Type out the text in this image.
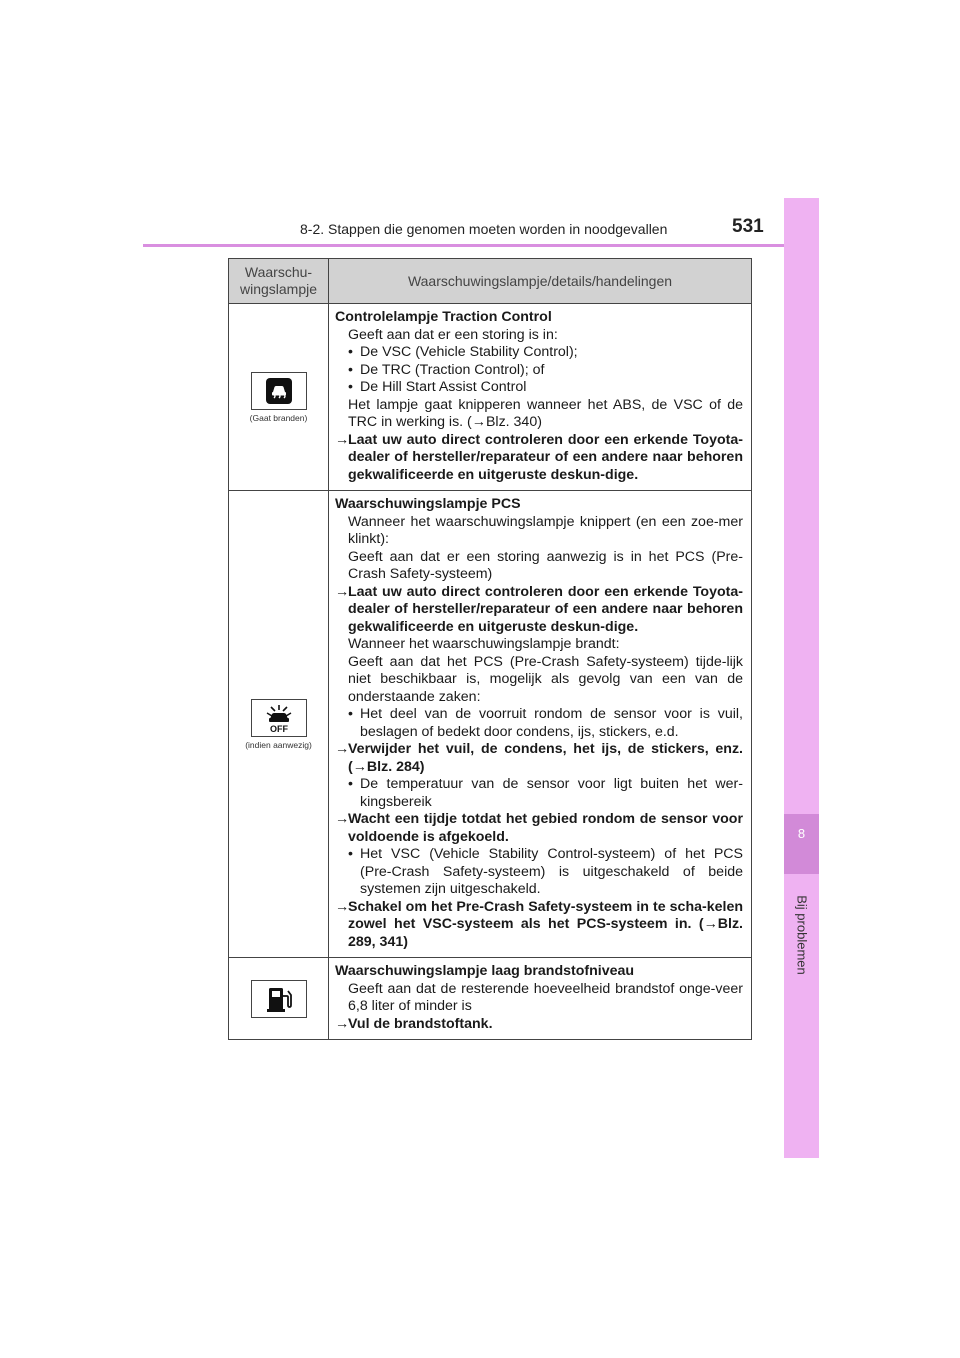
8-2. Stappen die genomen moeten worden in noodgevallen	531
8
Bij problemen
Waarschu-
wingslampje	Waarschuwingslampje/details/handelingen
(Gaat branden)
Controlelampje Traction Control
Geeft aan dat er een storing is in:
• De VSC (Vehicle Stability Control);
• De TRC (Traction Control); of
• De Hill Start Assist Control
Het lampje gaat knipperen wanneer het ABS, de VSC of de TRC in werking is. (→Blz. 340)
→
Laat uw auto direct controleren door een erkende Toyota-dealer of hersteller/reparateur of een andere naar behoren gekwalificeerde en uitgeruste deskun-dige.
OFF
(indien aanwezig)
Waarschuwingslampje PCS
Wanneer het waarschuwingslampje knippert (en een zoe-mer klinkt):
Geeft aan dat er een storing aanwezig is in het PCS (Pre-Crash Safety-systeem)
→
Laat uw auto direct controleren door een erkende Toyota-dealer of hersteller/reparateur of een andere naar behoren gekwalificeerde en uitgeruste deskun-dige.
Wanneer het waarschuwingslampje brandt:
Geeft aan dat het PCS (Pre-Crash Safety-systeem) tijde-lijk niet beschikbaar is, mogelijk als gevolg van een van de onderstaande zaken:
• Het deel van de voorruit rondom de sensor voor is vuil, beslagen of bedekt door condens, ijs, stickers, e.d.
→
Verwijder het vuil, de condens, het ijs, de stickers, enz. (→Blz. 284)
• De temperatuur van de sensor voor ligt buiten het wer-kingsbereik
→
Wacht een tijdje totdat het gebied rondom de sensor voor voldoende is afgekoeld.
• Het VSC (Vehicle Stability Control-systeem) of het PCS (Pre-Crash Safety-systeem) is uitgeschakeld of beide systemen zijn uitgeschakeld.
→
Schakel om het Pre-Crash Safety-systeem in te scha-kelen zowel het VSC-systeem als het PCS-systeem in. (→Blz. 289, 341)
Waarschuwingslampje laag brandstofniveau
Geeft aan dat de resterende hoeveelheid brandstof onge-veer 6,8 liter of minder is
→
Vul de brandstoftank.
